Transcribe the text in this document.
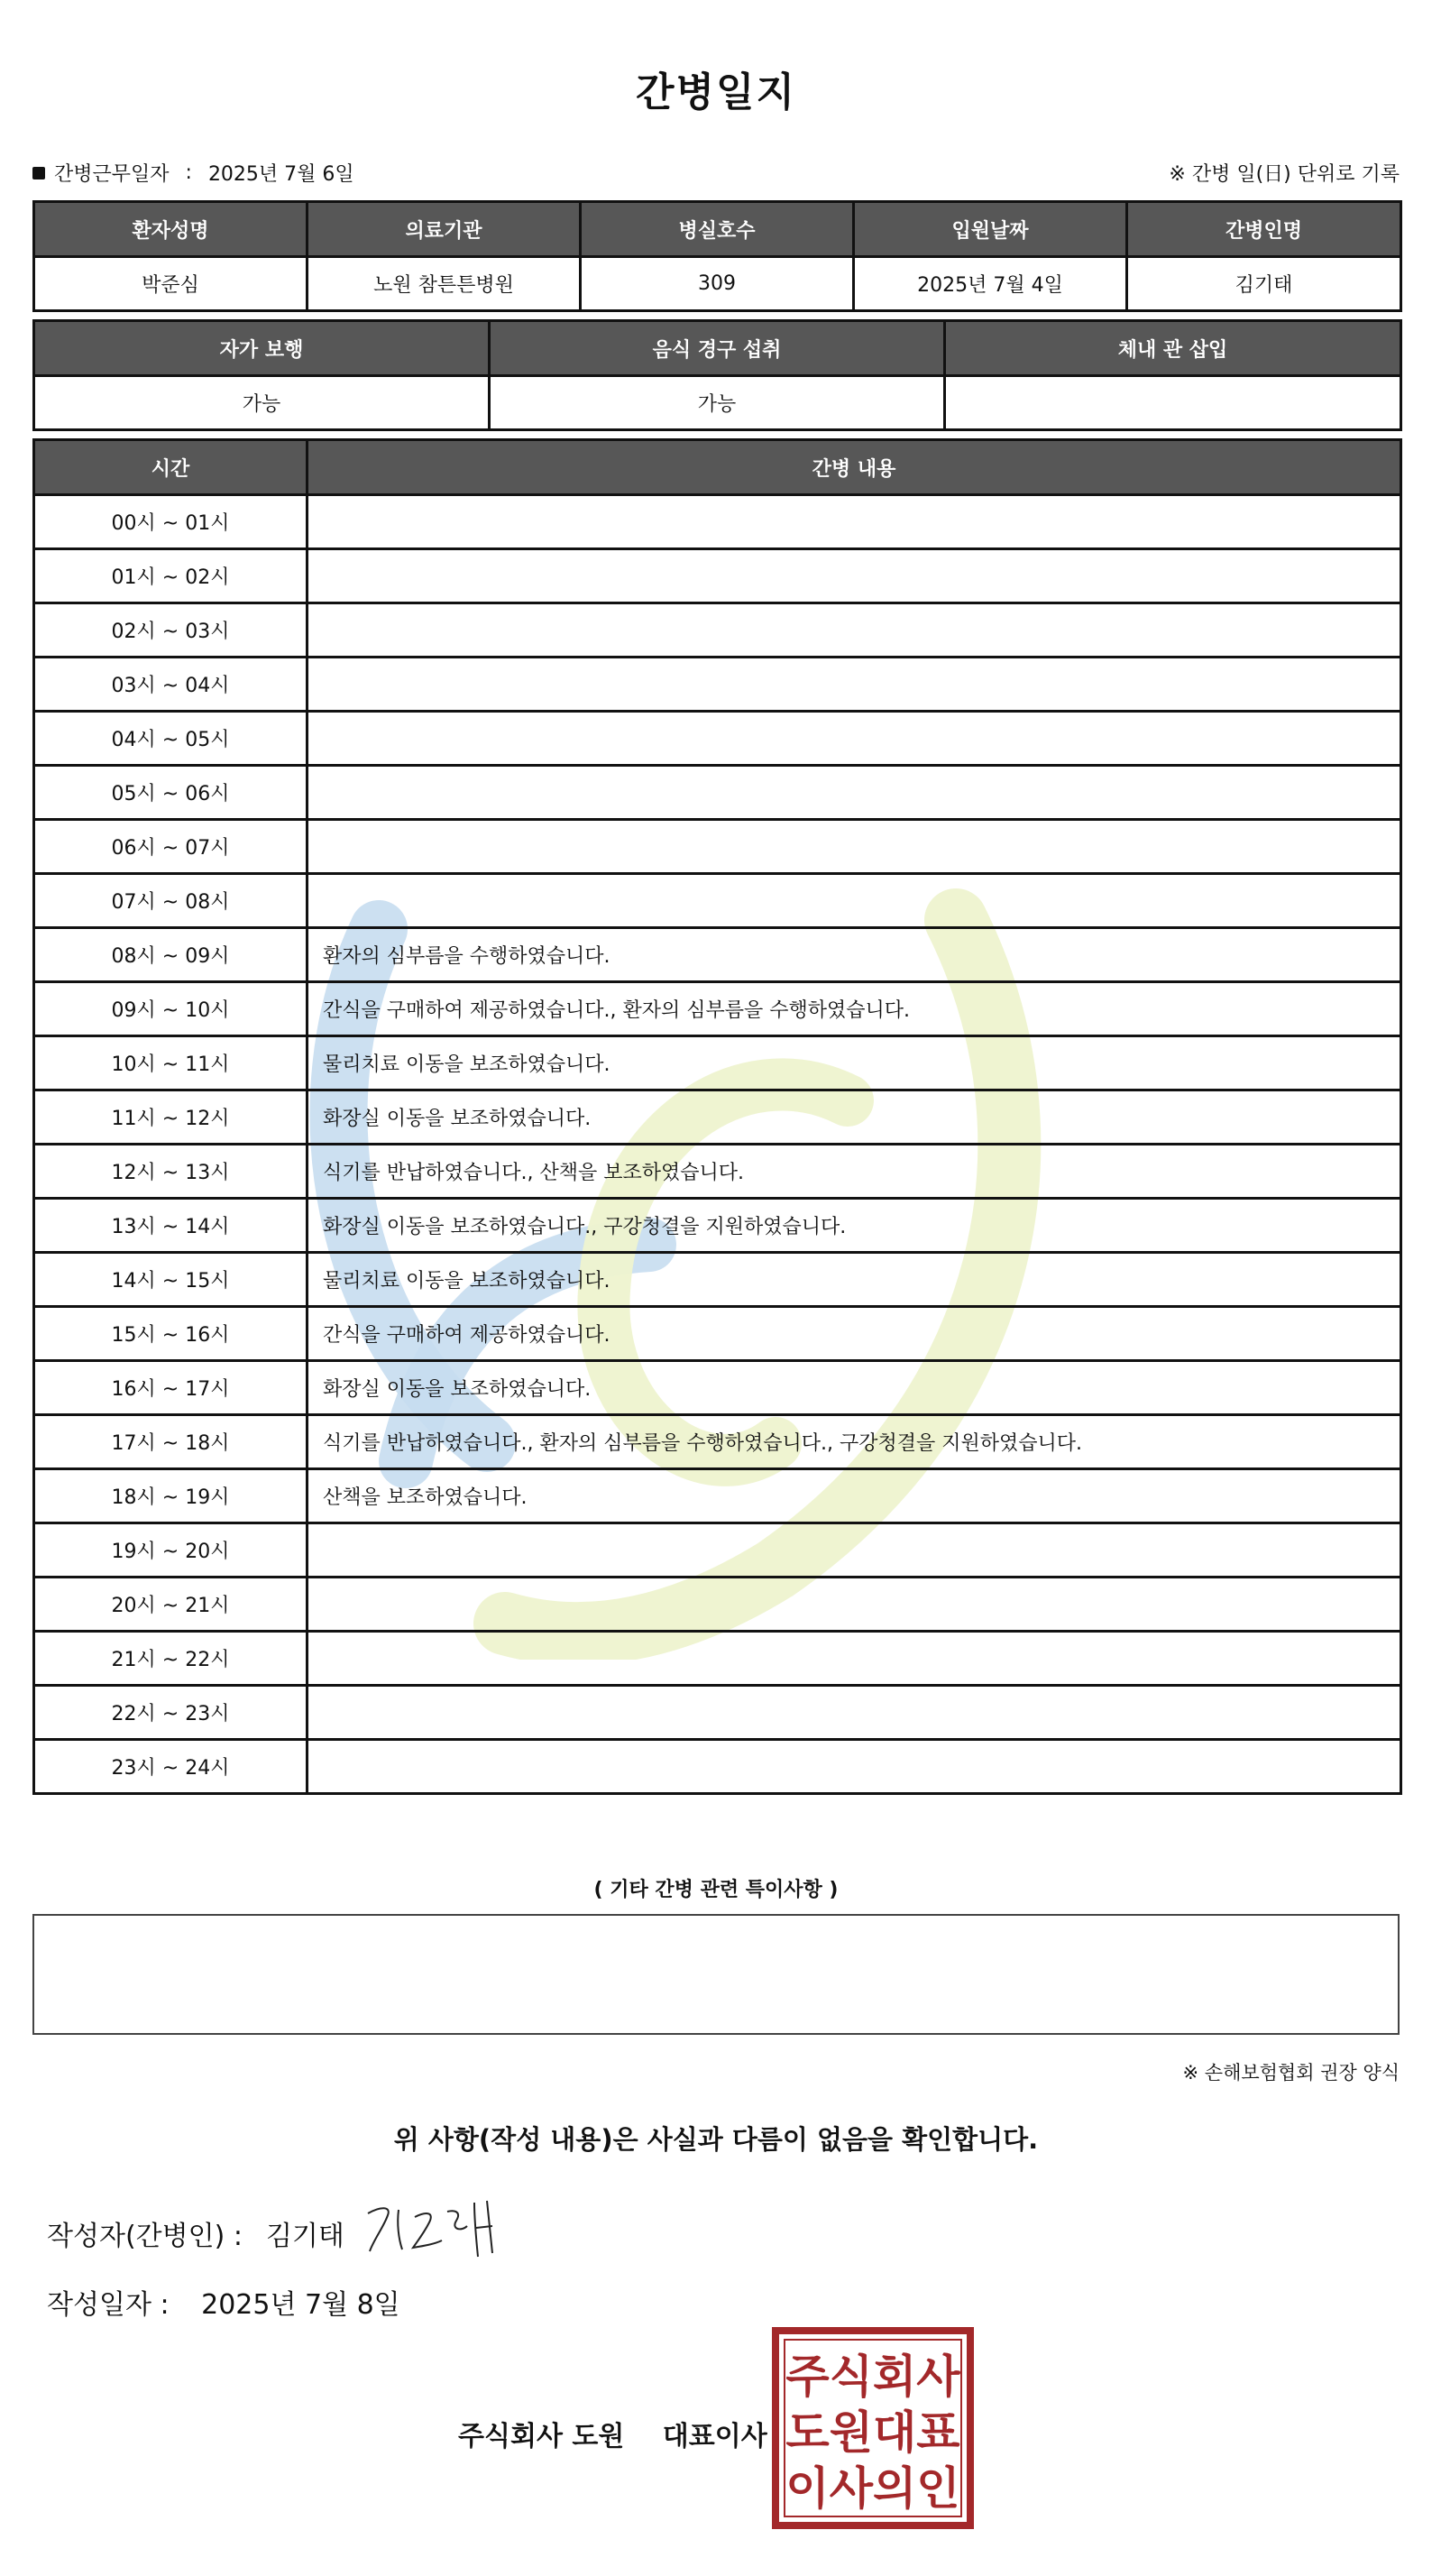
간병일지
간병근무일자 : 2025년 7월 6일	※ 간병 일(日) 단위로 기록
환자성명	의료기관	병실호수	입원날짜	간병인명
박준심	노원 참튼튼병원	309	2025년 7월 4일	김기태
자가 보행	음식 경구 섭취	체내 관 삽입
가능	가능	
시간	간병 내용
00시 ~ 01시	
01시 ~ 02시	
02시 ~ 03시	
03시 ~ 04시	
04시 ~ 05시	
05시 ~ 06시	
06시 ~ 07시	
07시 ~ 08시	
08시 ~ 09시	환자의 심부름을 수행하였습니다.
09시 ~ 10시	간식을 구매하여 제공하였습니다., 환자의 심부름을 수행하였습니다.
10시 ~ 11시	물리치료 이동을 보조하였습니다.
11시 ~ 12시	화장실 이동을 보조하였습니다.
12시 ~ 13시	식기를 반납하였습니다., 산책을 보조하였습니다.
13시 ~ 14시	화장실 이동을 보조하였습니다., 구강청결을 지원하였습니다.
14시 ~ 15시	물리치료 이동을 보조하였습니다.
15시 ~ 16시	간식을 구매하여 제공하였습니다.
16시 ~ 17시	화장실 이동을 보조하였습니다.
17시 ~ 18시	식기를 반납하였습니다., 환자의 심부름을 수행하였습니다., 구강청결을 지원하였습니다.
18시 ~ 19시	산책을 보조하였습니다.
19시 ~ 20시	
20시 ~ 21시	
21시 ~ 22시	
22시 ~ 23시	
23시 ~ 24시	
( 기타 간병 관련 특이사항 )
※ 손해보험협회 권장 양식
위 사항(작성 내용)은 사실과 다름이 없음을 확인합니다.
작성자(간병인) : 김기태
작성일자 : 2025년 7월 8일
주식회사 도원 대표이사
주식회사
도원대표
이사의인
